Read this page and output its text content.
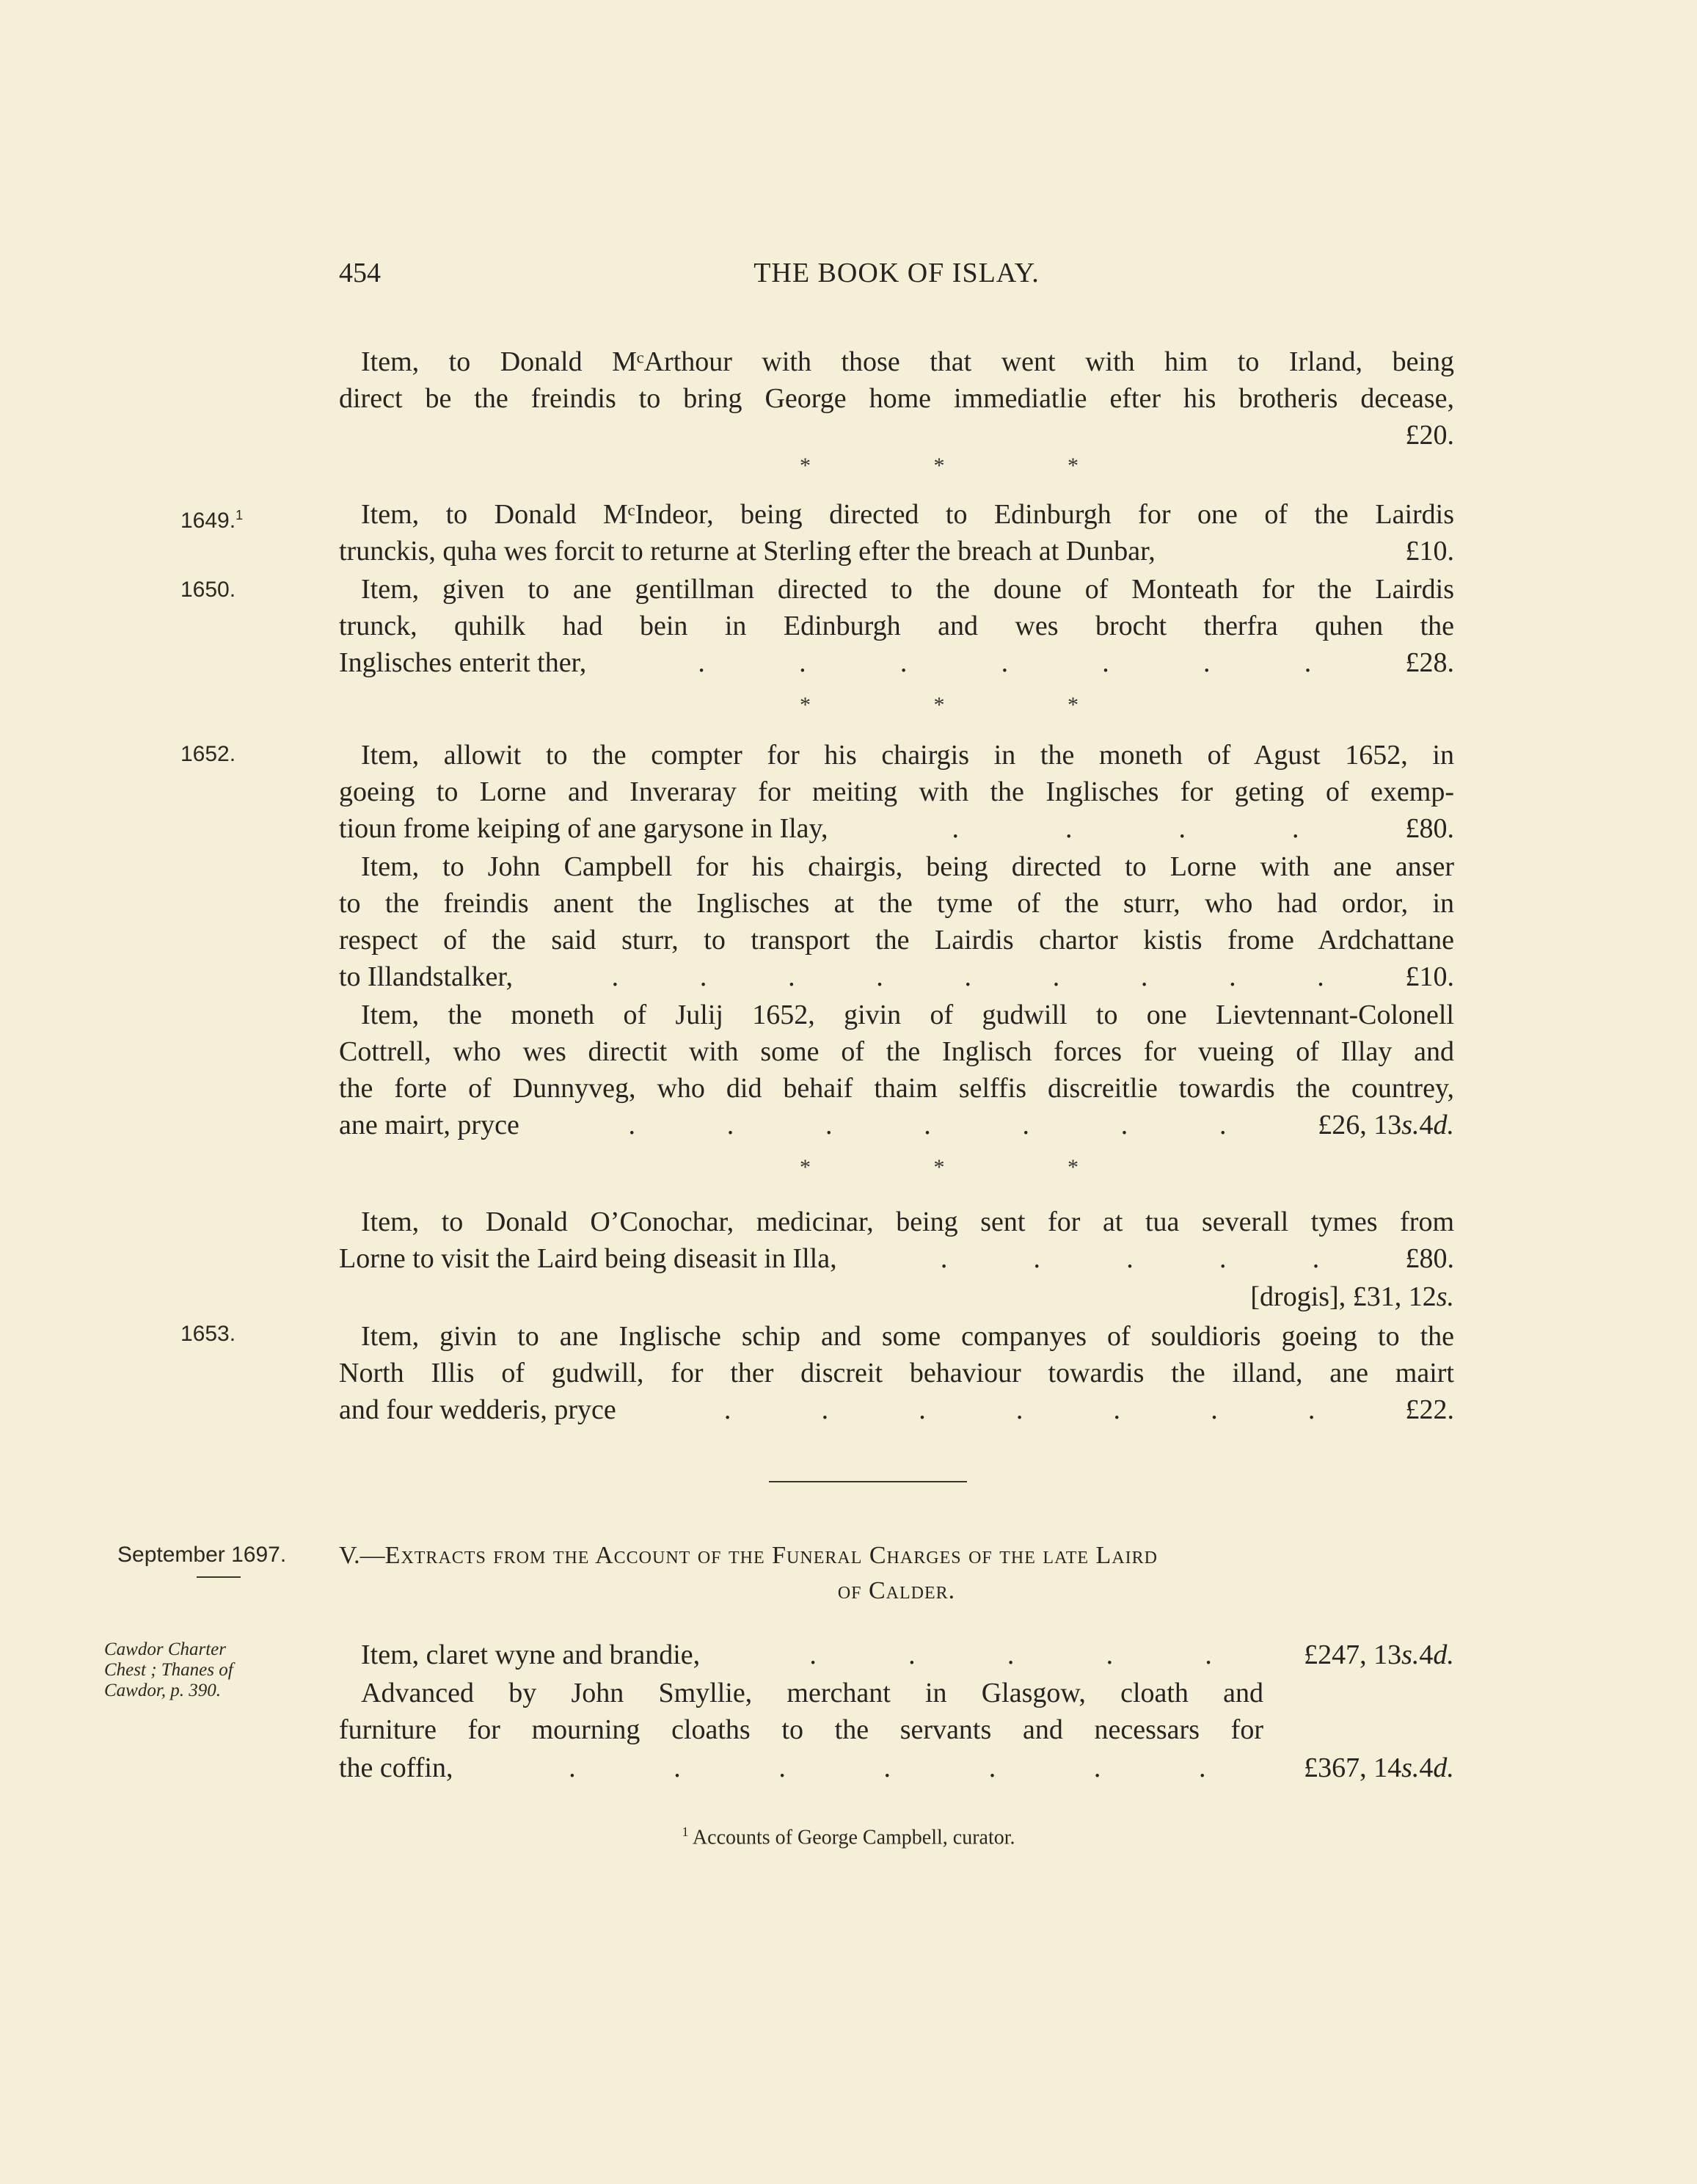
454	THE BOOK OF ISLAY.
Item, to Donald MᶜArthour with those that went with him to Irland, being
direct be the freindis to bring George home immediatlie efter his brotheris decease,
£20.
*	*	*
1649.$^1$	Item, to Donald MᶜIndeor, being directed to Edinburgh for one of the Lairdis
trunckis, quha wes forcit to returne at Sterling efter the breach at Dunbar,	£10.
1650.	Item, given to ane gentillman directed to the doune of Monteath for the Lairdis
trunck, quhilk had bein in Edinburgh and wes brocht therfra quhen the
Inglisches enterit ther,	.	.	.	.	.	.	.	£28.
*	*	*
1652.	Item, allowit to the compter for his chairgis in the moneth of Agust 1652, in
goeing to Lorne and Inveraray for meiting with the Inglisches for geting of exemp-
tioun frome keiping of ane garysone in Ilay,	.	.	.	.	£80.
Item, to John Campbell for his chairgis, being directed to Lorne with ane anser
to the freindis anent the Inglisches at the tyme of the sturr, who had ordor, in
respect of the said sturr, to transport the Lairdis chartor kistis frome Ardchattane
to Illandstalker,	.	.	.	.	.	.	.	.	.	£10.
Item, the moneth of Julij 1652, givin of gudwill to one Lievtennant-Colonell
Cottrell, who wes directit with some of the Inglisch forces for vueing of Illay and
the forte of Dunnyveg, who did behaif thaim selffis discreitlie towardis the countrey,
ane mairt, pryce	.	.	.	.	.	.	.	£26, 13s.4d.
*	*	*
Item, to Donald O’Conochar, medicinar, being sent for at tua severall tymes from
Lorne to visit the Laird being diseasit in Illa,	.	.	.	.	.	£80.
[drogis], £31, 12s.
1653.	Item, givin to ane Inglische schip and some companyes of souldioris goeing to the
North Illis of gudwill, for ther discreit behaviour towardis the illand, ane mairt
and four wedderis, pryce	.	.	.	.	.	.	.	£22.
September 1697. V.—Extracts from the Account of the Funeral Charges of the late Laird
of Calder.
Cawdor Charter
Chest ; Thanes of
Cawdor, p. 390.
Item, claret wyne and brandie,	.	.	.	.	.	£247, 13s.4d.
Advanced by John Smyllie, merchant in Glasgow, cloath and
furniture for mourning cloaths to the servants and necessars for
the coffin,	.	.	.	.	.	.	.	£367, 14s.4d.
$^1$ Accounts of George Campbell, curator.
